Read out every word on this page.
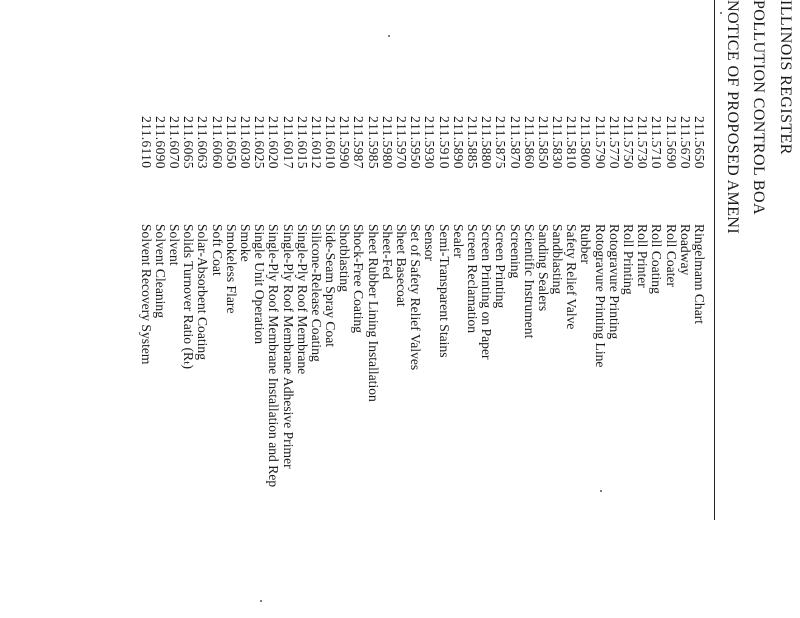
ILLINOIS REGISTER
POLLUTION CONTROL BOA
NOTICE OF PROPOSED AMENI
211.5650
Ringelmann Chart
211.5670
Roadway
211.5690
Roll Coater
211.5710
Roll Coating
211.5730
Roll Printer
211.5750
Roll Printing
211.5770
Rotogravure Printing
211.5790
Rotogravure Printing Line
211.5800
Rubber
211.5810
Safety Relief Valve
211.5830
Sandblasting
211.5850
Sanding Sealers
211.5860
Scientific Instrument
211.5870
Screening
211.5875
Screen Printing
211.5880
Screen Printing on Paper
211.5885
Screen Reclamation
211.5890
Sealer
211.5910
Semi-Transparent Stains
211.5930
Sensor
211.5950
Set of Safety Relief Valves
211.5970
Sheet Basecoat
211.5980
Sheet-Fed
211.5985
Sheet Rubber Lining Installation
211.5987
Shock-Free Coating
211.5990
Shotblasting
211.6010
Side-Seam Spray Coat
211.6012
Silicone-Release Coating
211.6015
Single-Ply Roof Membrane
211.6017
Single-Ply Roof Membrane Adhesive Primer
211.6020
Single-Ply Roof Membrane Installation and Rep
211.6025
Single Unit Operation
211.6030
Smoke
211.6050
Smokeless Flare
211.6060
Soft Coat
211.6063
Solar-Absorbent Coating
211.6065
Solids Turnover Ratio (Rₜ)
211.6070
Solvent
211.6090
Solvent Cleaning
211.6110
Solvent Recovery System
